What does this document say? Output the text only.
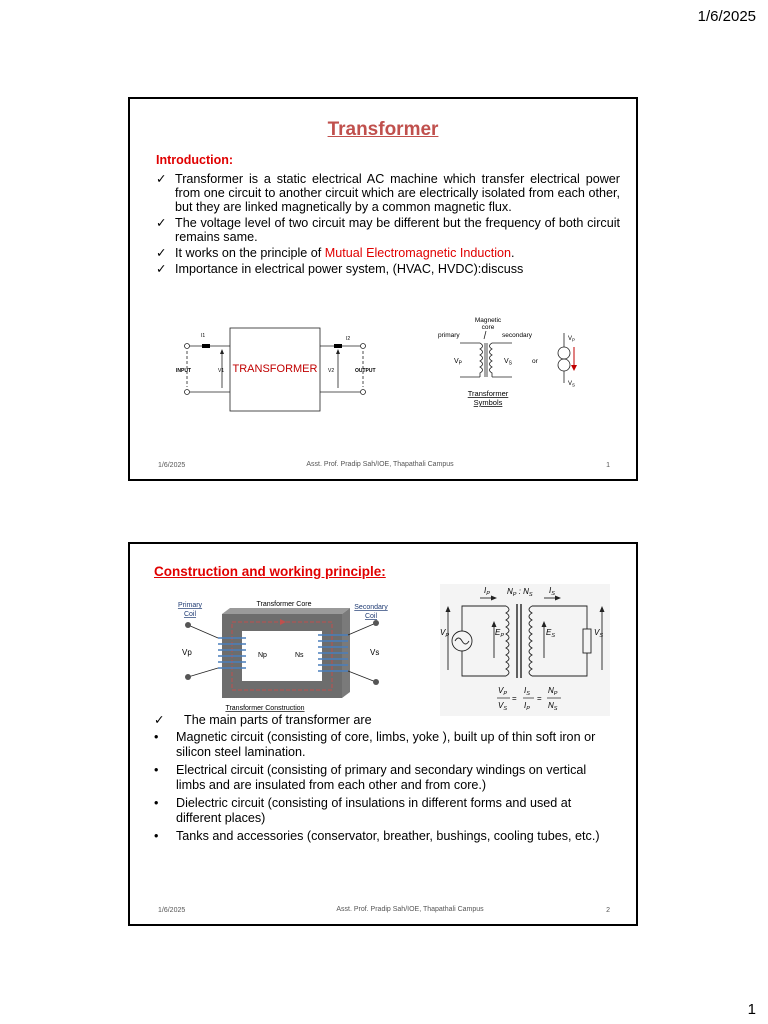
1/6/2025
Transformer
Introduction:
✓ Transformer is a static electrical AC machine which transfer electrical power from one circuit to another circuit which are electrically isolated from each other, but they are linked magnetically by a common magnetic flux.
✓ The voltage level of two circuit may be different but the frequency of both circuit remains same.
✓ It works on the principle of Mutual Electromagnetic Induction.
✓ Importance in electrical power system, (HVAC, HVDC):discuss
I1	I2
INPUT	OUTPUT
V1	V2
TRANSFORMER
Magnetic
core
primary	secondary
$V_P$	$V_S$	or
$V_P$
$V_S$
Transformer
Symbols
1/6/2025	Asst. Prof. Pradip Sah/IOE, Thapathali Campus	1
Construction and working principle:
Primary
Coil
Transformer Core	Secondary
Coil
Np	Ns
Vp	Vs
Transformer Construction
$I_P$ $N_P$ : $N_S$ $I_S$
$V_P$	$E_P$	$E_S$	$V_S$
$V_P$
$V_S$
=
$I_S$
$I_P$
=
$N_P$
$N_S$
✓ The main parts of transformer are
• Magnetic circuit (consisting of core, limbs, yoke ), built up of thin soft iron or silicon steel lamination.
• Electrical circuit (consisting of primary and secondary windings on vertical limbs and are insulated from each other and from core.)
• Dielectric circuit (consisting of insulations in different forms and used at different places)
• Tanks and accessories (conservator, breather, bushings, cooling tubes, etc.)
1/6/2025	Asst. Prof. Pradip Sah/IOE, Thapathali Campus	2
1
